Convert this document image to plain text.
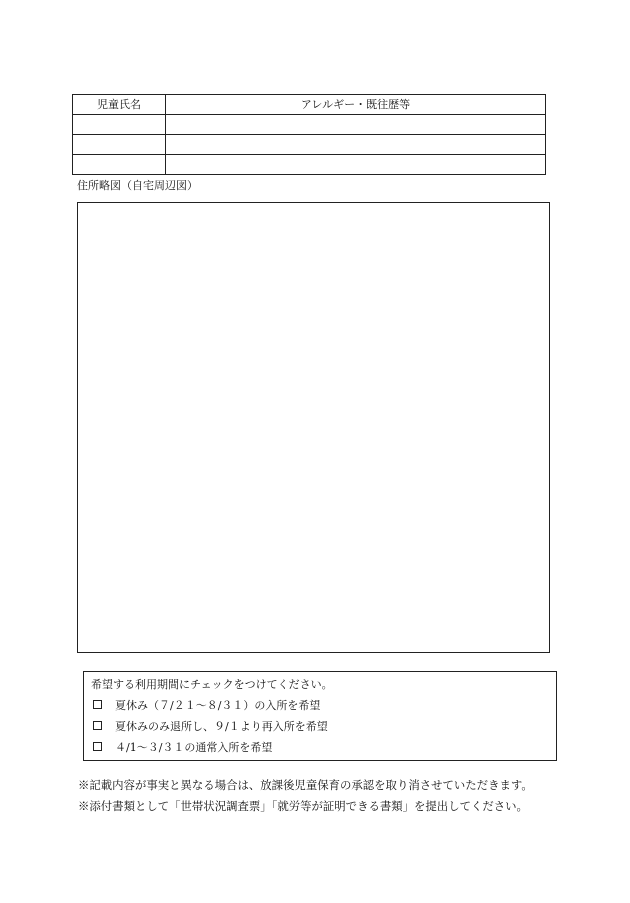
児童氏名	アレルギー・既往歴等

住所略図（自宅周辺図）
希望する利用期間にチェックをつけてください。
夏休み（７/２１～８/３１）の入所を希望
夏休みのみ退所し、９/１より再入所を希望
４/1～３/３１の通常入所を希望
※記載内容が事実と異なる場合は、放課後児童保育の承認を取り消させていただきます。
※添付書類として「世帯状況調査票」「就労等が証明できる書類」を提出してください。
